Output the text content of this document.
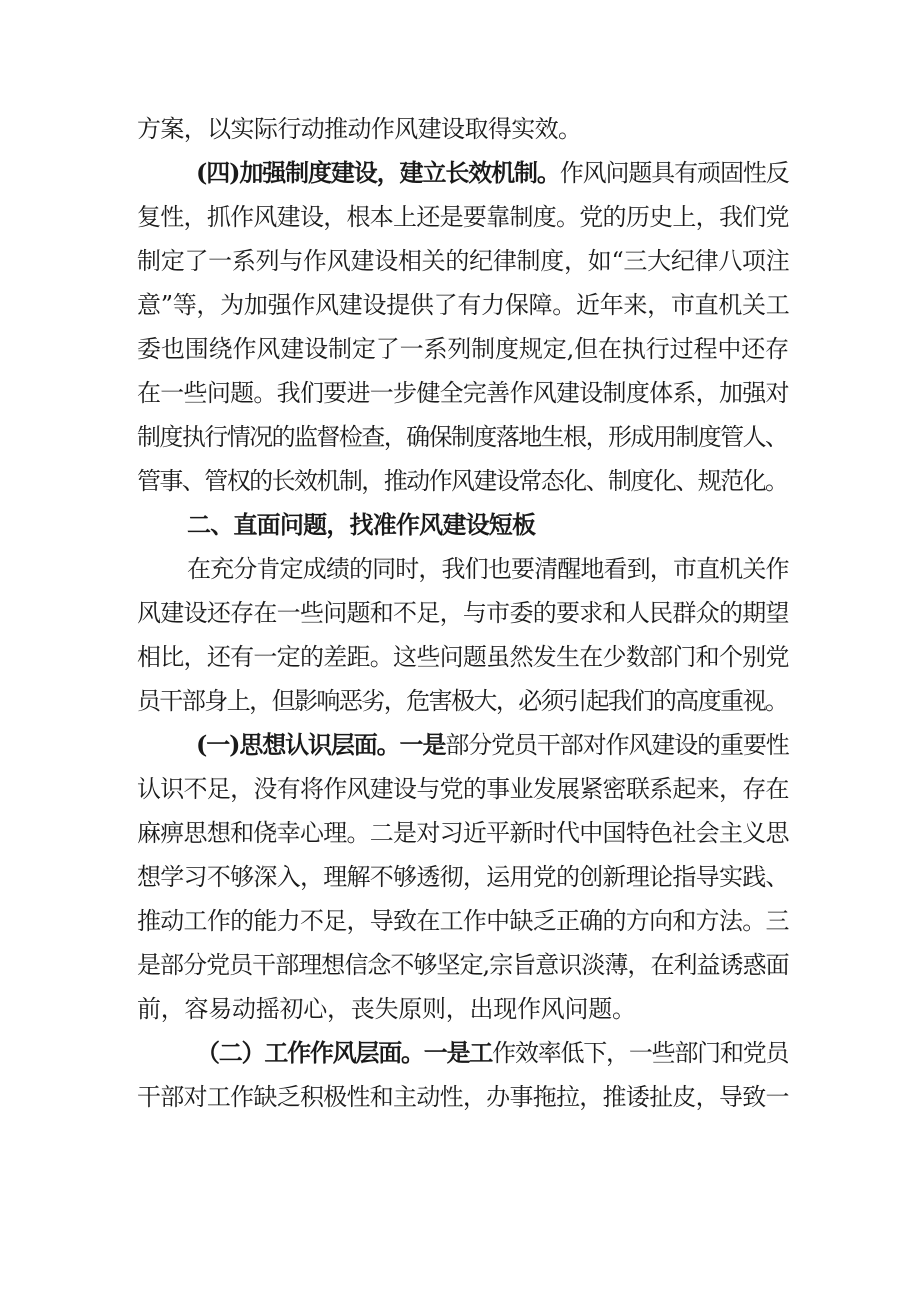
方案，以实际行动推动作风建设取得实效。
(四)加强制度建设，建立长效机制。作风问题具有顽固性反
复性，抓作风建设，根本上还是要靠制度。党的历史上，我们党
制定了一系列与作风建设相关的纪律制度，如“三大纪律八项注
意”等，为加强作风建设提供了有力保障。近年来，市直机关工
委也围绕作风建设制定了一系列制度规定,但在执行过程中还存
在一些问题。我们要进一步健全完善作风建设制度体系，加强对
制度执行情况的监督检查，确保制度落地生根，形成用制度管人、
管事、管权的长效机制，推动作风建设常态化、制度化、规范化。
二、直面问题，找准作风建设短板
在充分肯定成绩的同时，我们也要清醒地看到，市直机关作
风建设还存在一些问题和不足，与市委的要求和人民群众的期望
相比，还有一定的差距。这些问题虽然发生在少数部门和个别党
员干部身上，但影响恶劣，危害极大，必须引起我们的高度重视。
(一)思想认识层面。一是部分党员干部对作风建设的重要性
认识不足，没有将作风建设与党的事业发展紧密联系起来，存在
麻痹思想和侥幸心理。二是对习近平新时代中国特色社会主义思
想学习不够深入，理解不够透彻，运用党的创新理论指导实践、
推动工作的能力不足，导致在工作中缺乏正确的方向和方法。三
是部分党员干部理想信念不够坚定,宗旨意识淡薄，在利益诱惑面
前，容易动摇初心，丧失原则，出现作风问题。
（二）工作作风层面。一是工作效率低下，一些部门和党员
干部对工作缺乏积极性和主动性，办事拖拉，推诿扯皮，导致一
